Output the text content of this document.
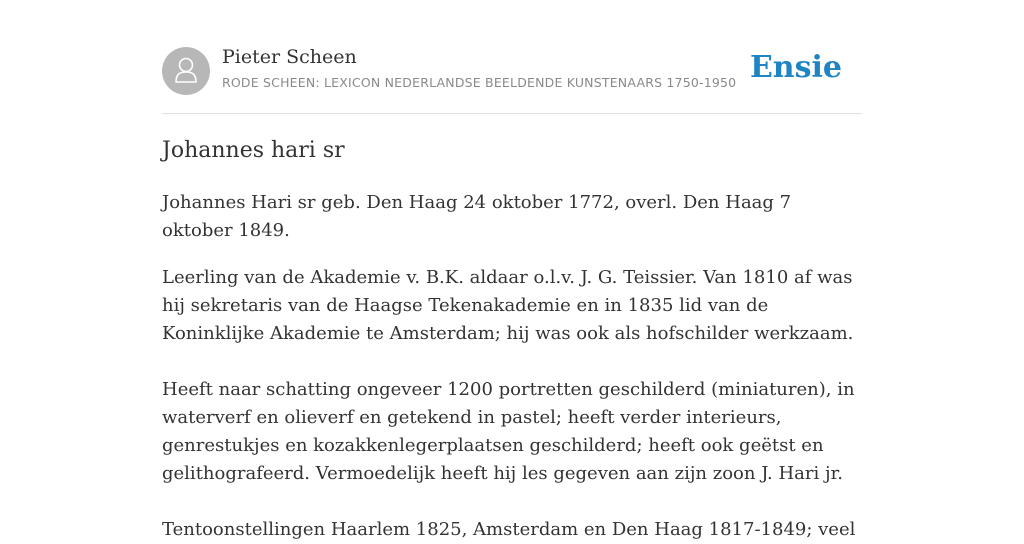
Pieter Scheen
RODE SCHEEN: LEXICON NEDERLANDSE BEELDENDE KUNSTENAARS 1750-1950 Ensie
Johannes hari sr

Johannes Hari sr geb. Den Haag 24 oktober 1772, overl. Den Haag 7 oktober 1849.

Leerling van de Akademie v. B.K. aldaar o.l.v. J. G. Teissier. Van 1810 af was hij sekretaris van de Haagse Tekenakademie en in 1835 lid van de Koninklijke Akademie te Amsterdam; hij was ook als hofschilder werkzaam.

Heeft naar schatting ongeveer 1200 portretten geschilderd (miniaturen), in waterverf en olieverf en getekend in pastel; heeft verder interieurs, genrestukjes en kozakkenlegerplaatsen geschilderd; heeft ook geëtst en gelithografeerd. Vermoedelijk heeft hij les gegeven aan zijn zoon J. Hari jr.

Tentoonstellingen Haarlem 1825, Amsterdam en Den Haag 1817-1849; veel
